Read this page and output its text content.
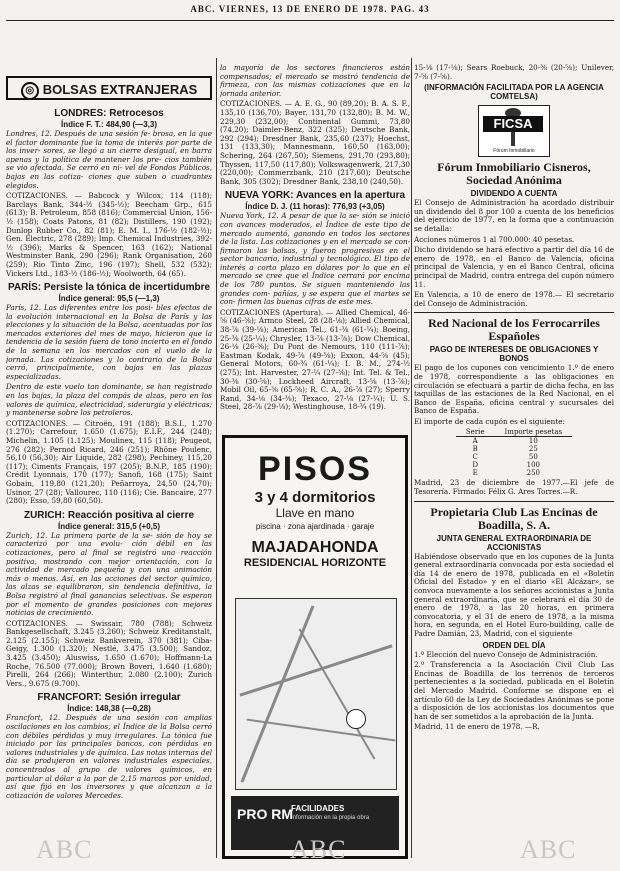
ABC. VIERNES, 13 DE ENERO DE 1978. PAG. 43
◎ BOLSAS EXTRANJERAS
LONDRES: Retrocesos
Índice F. T.: 484,90 (—3,3)

Londres, 12. Después de una sesión fe- brosa, en la que el factor dominante fue la toma de interés por parte de los inver- sores, se llegó a un cierre desigual, en barra apenas y la política de mantener los pre- cios también se vio afectada. Se cerró en ni- vel de Fondos Públicos, bajas en las cotiza- ciones que suben o cuadrantes elegidos.

COTIZACIONES. — Babcock y Wilcox, 114 (118); Barclays Bank, 344-½ (345-½); Beecham Grp., 615 (613); B. Petroleum, 858 (816); Commercial Union, 156-½ (158); Coats Patons, 81 (82); Distillers, 190 (192); Dunlop Rubber Co., 82 (81); E. M. I., 176-½ (182-½); Gen. Electric, 278 (289); Imp. Chemical Industries, 392-½ (396); Marks & Spencer, 163 (162); National Westminster Bank, 290 (296); Rank Organisation, 260 (259); Rio Tinto Zinc, 196 (197); Shell, 532 (532); Vickers Ltd., 183-½ (186-½); Woolworth, 64 (65).

PARÍS: Persiste la tónica de incertidumbre
Índice general: 95,5 (—1,3)

París, 12. Las diferentes entre los posi- bles efectos de la evolución internacional en la Bolsa de París y las elecciones y la situación de la Bolsa, acentuadas por los mercados exteriores del mes de mayo, hicieron que la tendencia de la sesión fuera de tono incierto en el fondo de la semana en los mercados con el vuelo de la jornada. Las cotizaciones y lo contrario de la Bolsa cerró, principalmente, con bajas en las plazas especializadas.

Dentro de este vuelo tan dominante, se han registrado en las bajas, la plaza del compás de alzas, pero en los valores de química, electricidad, siderurgia y eléctricas; y mantenerse sobre los petroleros.

COTIZACIONES. — Citroën, 191 (188); B.S.I., 1.270 (1.270); Carrefour, 1.650 (1.675); E.I.F., 244 (248); Michelin, 1.105 (1.125); Moulinex, 115 (118); Peugeot, 276 (282); Pernod Ricard, 246 (251); Rhône Poulenc, 56,10 (56,30); Air Liquide, 282 (298); Pechiney, 115,20 (117); Ciments Français, 197 (205); B.N.P., 185 (190); Crédit Lyonnais, 170 (177); Sanofi, 168 (175); Saint Gobain, 119,80 (121,20); Peñarroya, 24,50 (24,70); Usinor, 27 (28); Vallourec, 110 (116); Cie. Bancaire, 277 (280); Esso, 59,80 (60,50).

ZURICH: Reacción positiva al cierre
Índice general: 315,5 (+0,5)

Zurich, 12. La primera parte de la se- sión de hoy se caracterizó por una evolu- ción débil en las cotizaciones, pero al final se registró una reacción positiva, mostrando con mejor orientación, con la actividad de mercado pequeña y con una animación más o menos. Así, en las acciones del sector químico, las alzas se equilibraron, sin tendencia definitiva, la Bolsa registró al final ganancias selectivas. Se esperan por el momento de grandes posiciones con mejores noticias de crecimiento.

COTIZACIONES. — Swissair, 780 (788); Schweiz Bankgesellschaft, 3.245 (3.260); Schweiz Kreditanstalt, 2.125 (2.155); Schweiz Bankverein, 370 (381); Ciba-Geigy, 1.300 (1.320); Nestlé, 3.475 (3.500); Sandoz, 3.425 (3.450); Aluswiss, 1.650 (1.670); Hoffmann-La Roche, 76.500 (77.000); Brown Boveri, 1.640 (1.680); Pirelli, 264 (266); Winterthur, 2.080 (2.100); Zurich Vers., 9.675 (9.700).

FRANCFORT: Sesión irregular
Índice: 148,38 (—0,28)

Francfort, 12. Después de una sesión con amplias oscilaciones en los cambios, el Índice de la Bolsa cerró con débiles pérdidas y muy irregulares. La tónica fue iniciado por las principales bancos, con pérdidas en valores industriales y de química. Las notas internas del día se produjeron en valores industriales especiales, concentrados al grupo de valores químicos, en particular al dólar a la par de 2,15 marcos por unidad, así que fijó en los inversores y que alcanzan a la cotización de valores Mercedes.

la mayoría de los sectores financieros están compensados; el mercado se mostró tendencia de firmeza, con las mismas cotizaciones que en la jornada anterior.

COTIZACIONES. — A. E. G., 90 (89,20); B. A. S. F., 135,10 (136,70); Bayer, 131,70 (132,80); B. M. W., 229,30 (232,00); Continental Gummi, 73,80 (74,20); Daimler-Benz, 322 (325); Deutsche Bank, 292 (294); Dresdner Bank, 235,60 (237); Hoechst, 131 (133,30); Mannesmann, 160,50 (163,00); Schering, 264 (267,50); Siemens, 291,70 (293,80); Thyssen, 117,50 (117,80); Volkswagenwerk, 217,30 (220,00); Commerzbank, 210 (217,60); Deutsche Bank, 305 (302); Dresdner Bank, 238,10 (240,50).

NUEVA YORK: Avances en la apertura
Índice D. J. (11 horas): 776,93 (+3,05)

Nueva York, 12. A pesar de que la se- sión se inició con avances moderados, el Índice de este tipo de mercado aumentó, ganando en todos los sectores de la lista. Las cotizaciones y en el mercado se con- firmaron las bolsas, y fueron progresivas en el sector bancario, industrial y tecnológico. El tipo de interés a corto plazo en dólares por lo que en el mercado se cree que el Índice cerrará por encima de los 780 puntos. Se siguen manteniendo las grandes com- pañías, y se espera que el martes se con- firmen las buenas cifras de este mes.

COTIZACIONES (Apertura). — Allied Chemical, 46-⅝ (46-⅜); Armco Steel, 28 (28-⅛); Allied Chemical, 38-⅞ (39-⅛); American Tel., 61-⅜ (61-¼); Boeing, 25-⅜ (25-¼); Chrysler, 13-⅞ (13-⅞); Dow Chemical, 26-⅛ (26-⅜); Du Pont de Nemours, 110 (111-⅞); Eastman Kodak, 49-⅞ (49-⅝); Exxon, 44-⅝ (45); General Motors, 60-¾ (61-¼); I. B. M., 274-½ (275); Int. Harvester, 27-¼ (27-⅜); Int. Tel. & Tel., 30-⅜ (30-⅝); Lockheed Aircraft, 13-⅝ (13-⅞); Mobil Oil, 65-⅜ (65-⅝); R. C. A., 26-⅞ (27); Sperry Rand, 34-⅛ (34-⅜); Texaco, 27-⅛ (27-¼); U. S. Steel, 28-⅞ (29-⅛); Westinghouse, 18-¾ (19).

PISOS
3 y 4 dormitorios
Llave en mano
piscina · zona ajardinada · garaje
MAJADAHONDA
RESIDENCIAL HORIZONTE
PRO RM
FACILIDADES
Información en la propia obra

15-⅛ (17-⅛); Sears Roebuck, 20-⅜ (20-⅝); Unilever, 7-⅝ (7-⅝).

(INFORMACIÓN FACILITADA POR LA AGENCIA COMTELSA)
FICSA
Fórum Inmobiliario
Fórum Inmobiliario Cisneros, Sociedad Anónima
DIVIDENDO A CUENTA

El Consejo de Administración ha acordado distribuir un dividendo del 8 por 100 a cuenta de los beneficios del ejercicio de 1977, en la forma que a continuación se detalla:

Acciones números 1 al 700.000: 40 pesetas.

Dicho dividendo se hará efectivo a partir del día 16 de enero de 1978, en el Banco de Valencia, oficina principal de Valencia, y en el Banco Central, oficina principal de Madrid, contra entrega del cupón número 11.

En Valencia, a 10 de enero de 1978.— El secretario del Consejo de Administración.

Red Nacional de los Ferrocarriles Españoles
PAGO DE INTERESES DE OBLIGACIONES Y BONOS

El pago de los cupones con vencimiento 1.º de enero de 1978, correspondiente a las obligaciones en circulación se efectuará a partir de dicha fecha, en las taquillas de las estaciones de la Red Nacional, en el Banco de España, oficina central y sucursales del Banco de España.

El importe de cada cupón es el siguiente:

Serie	Importe pesetas
A	10
B	25
C	50
D	100
E	250

Madrid, 23 de diciembre de 1977.—El jefe de Tesorería. Firmado: Félix G. Ares Torres.—R.

Propietaria Club Las Encinas de Boadilla, S. A.
JUNTA GENERAL EXTRAORDINARIA DE ACCIONISTAS

Habiéndose observado que en los cupones de la Junta general extraordinaria convocada por esta sociedad el día 14 de enero de 1978, publicada en el «Boletín Oficial del Estado» y en el diario «El Alcázar», se convoca nuevamente a los señores accionistas a Junta general extraordinaria, que se celebrará el día 30 de enero de 1978, a las 20 horas, en primera convocatoria, y el 31 de enero de 1978, a la misma hora, en segunda, en el Hotel Euro-building, calle de Padre Damián, 23, Madrid, con el siguiente

ORDEN DEL DÍA

1.º Elección del nuevo Consejo de Administración.

2.º Transferencia a la Asociación Civil Club Las Encinas de Boadilla de los terrenos de terceros pertenecientes a la sociedad, publicada en el Boletín del Mercado Madrid. Conforme se dispone en el artículo 60 de la Ley de Sociedades Anónimas se pone a disposición de los accionistas los documentos que han de ser sometidos a la aprobación de la Junta.

Madrid, 11 de enero de 1978. —R.

ABC	ABC	ABC
